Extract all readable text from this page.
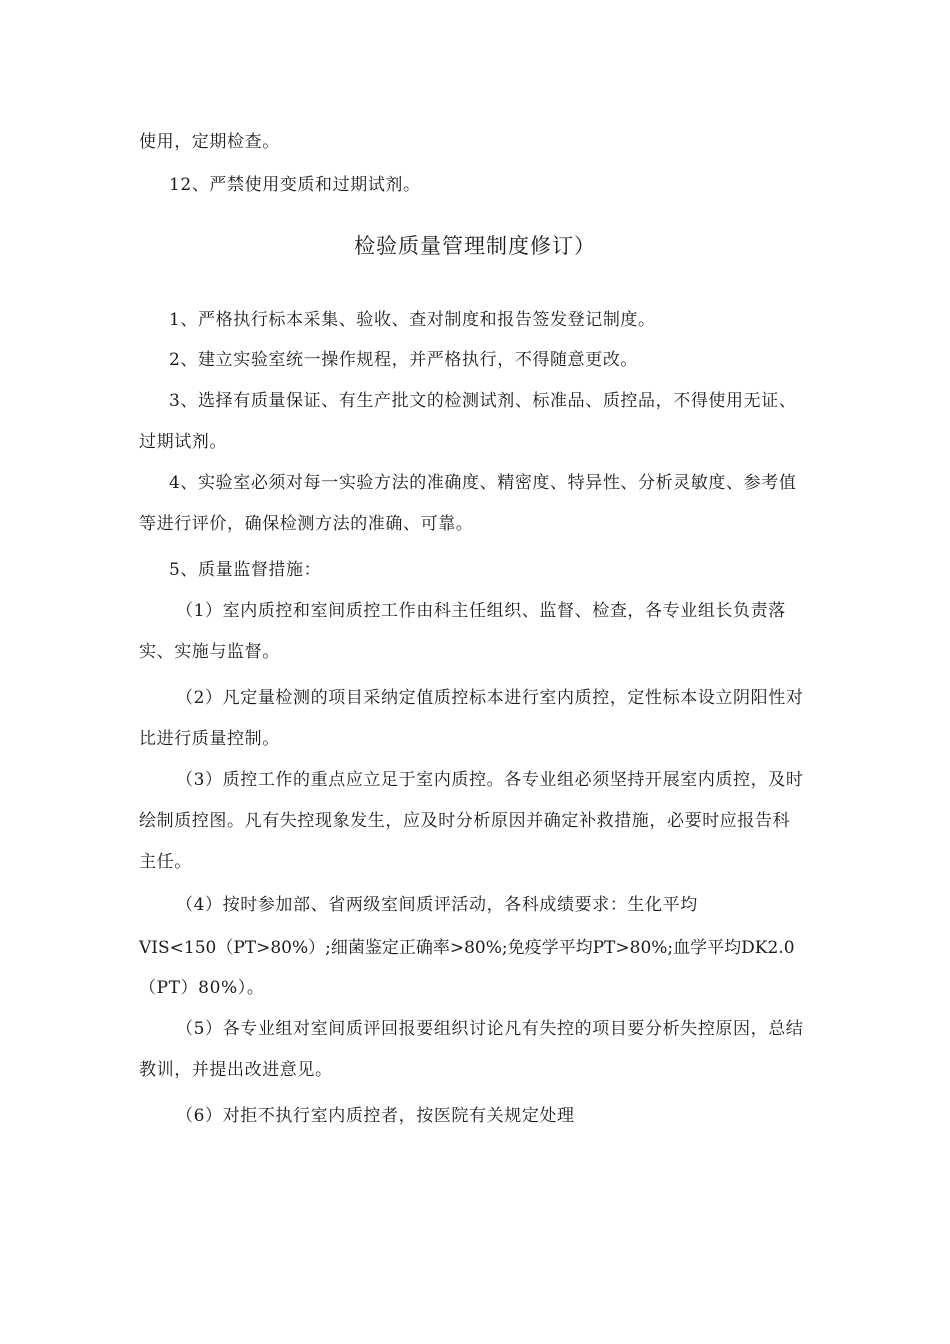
使用，定期检查。
12、严禁使用变质和过期试剂。
检验质量管理制度修订）
1、严格执行标本采集、验收、查对制度和报告签发登记制度。
2、建立实验室统一操作规程，并严格执行，不得随意更改。
3、选择有质量保证、有生产批文的检测试剂、标准品、质控品，不得使用无证、
过期试剂。
4、实验室必须对每一实验方法的准确度、精密度、特异性、分析灵敏度、参考值
等进行评价，确保检测方法的准确、可靠。
5、质量监督措施：
（1）室内质控和室间质控工作由科主任组织、监督、检查，各专业组长负责落
实、实施与监督。
（2）凡定量检测的项目采纳定值质控标本进行室内质控，定性标本设立阴阳性对
比进行质量控制。
（3）质控工作的重点应立足于室内质控。各专业组必须坚持开展室内质控，及时
绘制质控图。凡有失控现象发生，应及时分析原因并确定补救措施，必要时应报告科
主任。
（4）按时参加部、省两级室间质评活动，各科成绩要求：生化平均
VIS<150（PT>80%）;细菌鉴定正确率>80%;免疫学平均PT>80%;血学平均DK2.0
（PT）80%）。
（5）各专业组对室间质评回报要组织讨论凡有失控的项目要分析失控原因，总结
教训，并提出改进意见。
（6）对拒不执行室内质控者，按医院有关规定处理
